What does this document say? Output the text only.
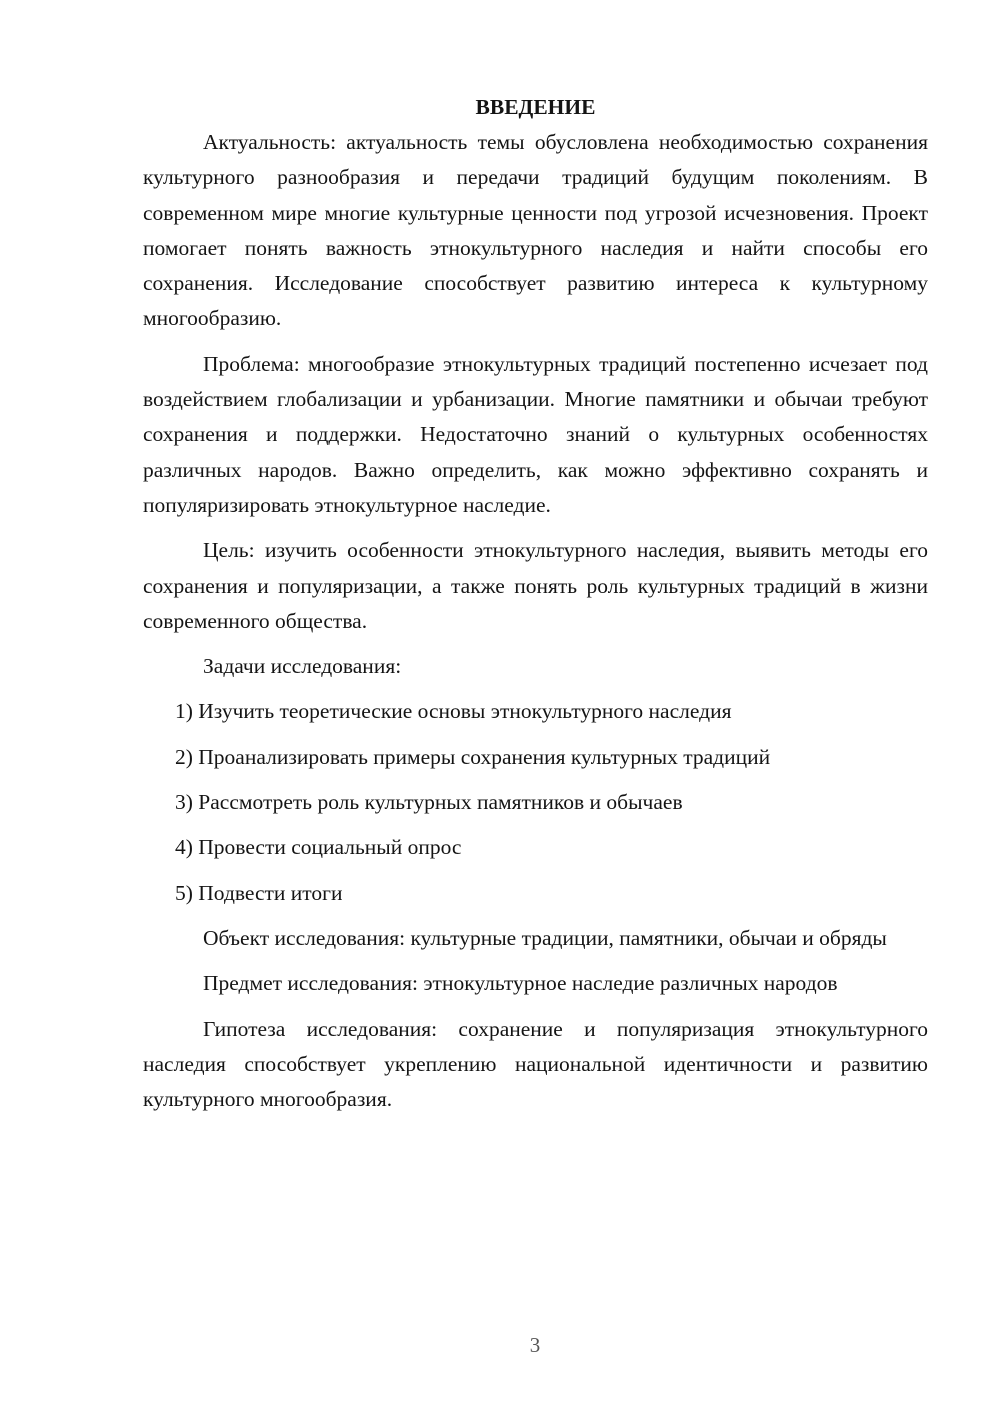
ВВЕДЕНИЕ

Актуальность: актуальность темы обусловлена необходимостью сохранения культурного разнообразия и передачи традиций будущим поколениям. В современном мире многие культурные ценности под угрозой исчезновения. Проект помогает понять важность этнокультурного наследия и найти способы его сохранения. Исследование способствует развитию интереса к культурному многообразию.

Проблема: многообразие этнокультурных традиций постепенно исчезает под воздействием глобализации и урбанизации. Многие памятники и обычаи требуют сохранения и поддержки. Недостаточно знаний о культурных особенностях различных народов. Важно определить, как можно эффективно сохранять и популяризировать этнокультурное наследие.

Цель: изучить особенности этнокультурного наследия, выявить методы его сохранения и популяризации, а также понять роль культурных традиций в жизни современного общества.

Задачи исследования:

1) Изучить теоретические основы этнокультурного наследия
2) Проанализировать примеры сохранения культурных традиций
3) Рассмотреть роль культурных памятников и обычаев
4) Провести социальный опрос
5) Подвести итоги

Объект исследования: культурные традиции, памятники, обычаи и обряды

Предмет исследования: этнокультурное наследие различных народов

Гипотеза исследования: сохранение и популяризация этнокультурного наследия способствует укреплению национальной идентичности и развитию культурного многообразия.

3
